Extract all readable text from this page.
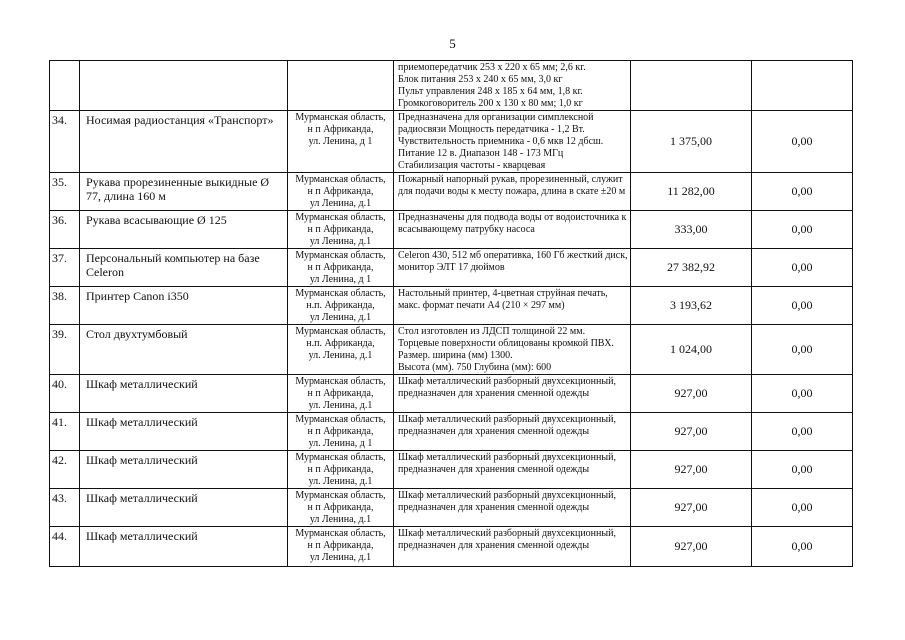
5
			приемопередатчик 253 х 220 х 65 мм; 2,6 кг.
Блок питания 253 х 240 х 65 мм, 3,0 кг
Пульт управления 248 х 185 х 64 мм, 1,8 кг.
Громкоговоритель 200 х 130 х 80 мм; 1,0 кг		
34.	Носимая радиостанция «Транспорт»	Мурманская область,
н п Африканда,
ул. Ленина, д 1	Предназначена для организации симплексной радиосвязи Мощность передатчика - 1,2 Вт.
Чувствительность приемника - 0,6 мкв 12 дбсш.
Питание 12 в. Диапазон 148 - 173 МГц
Стабилизация частоты - кварцевая	1 375,00	0,00
35.	Рукава прорезиненные выкидные Ø 77, длина 160 м	Мурманская область,
н п Африканда,
ул Ленина, д.1	Пожарный напорный рукав, прорезиненный, служит для подачи воды к месту пожара, длина в скате ±20 м	11 282,00	0,00
36.	Рукава всасывающие Ø 125	Мурманская область,
н п Африканда,
ул Ленина, д.1	Предназначены для подвода воды от водоисточника к всасывающему патрубку насоса	333,00	0,00
37.	Персональный компьютер на базе Celeron	Мурманская область,
н п Африканда,
ул Ленина, д 1	Celeron 430, 512 мб оперативка, 160 Гб жесткий диск, монитор ЭЛТ 17 дюймов	27 382,92	0,00
38.	Принтер Canon i350	Мурманская область,
н.п. Африканда,
ул Ленина, д.1	Настольный принтер, 4-цветная струйная печать, макс. формат печати А4 (210 × 297 мм)	3 193,62	0,00
39.	Стол двухтумбовый	Мурманская область,
н.п. Африканда,
ул. Ленина, д.1	Стол изготовлен из ЛДСП толщиной 22 мм.
Торцевые поверхности облицованы кромкой ПВХ. Размер. ширина (мм) 1300.
Высота (мм). 750 Глубина (мм): 600	1 024,00	0,00
40.	Шкаф металлический	Мурманская область,
н п Африканда,
ул. Ленина, д.1	Шкаф металлический разборный двухсекционный, предназначен для хранения сменной одежды	927,00	0,00
41.	Шкаф металлический	Мурманская область,
н п Африканда,
ул. Ленина, д 1	Шкаф металлический разборный двухсекционный, предназначен для хранения сменной одежды	927,00	0,00
42.	Шкаф металлический	Мурманская область,
н п Африканда,
ул. Ленина, д.1	Шкаф металлический разборный двухсекционный, предназначен для хранения сменной одежды	927,00	0,00
43.	Шкаф металлический	Мурманская область,
н п Африканда,
ул Ленина, д.1	Шкаф металлический разборный двухсекционный, предназначен для хранения сменной одежды	927,00	0,00
44.	Шкаф металлический	Мурманская область,
н п Африканда,
ул Ленина, д.1	Шкаф металлический разборный двухсекционный, предназначен для хранения сменной одежды	927,00	0,00
